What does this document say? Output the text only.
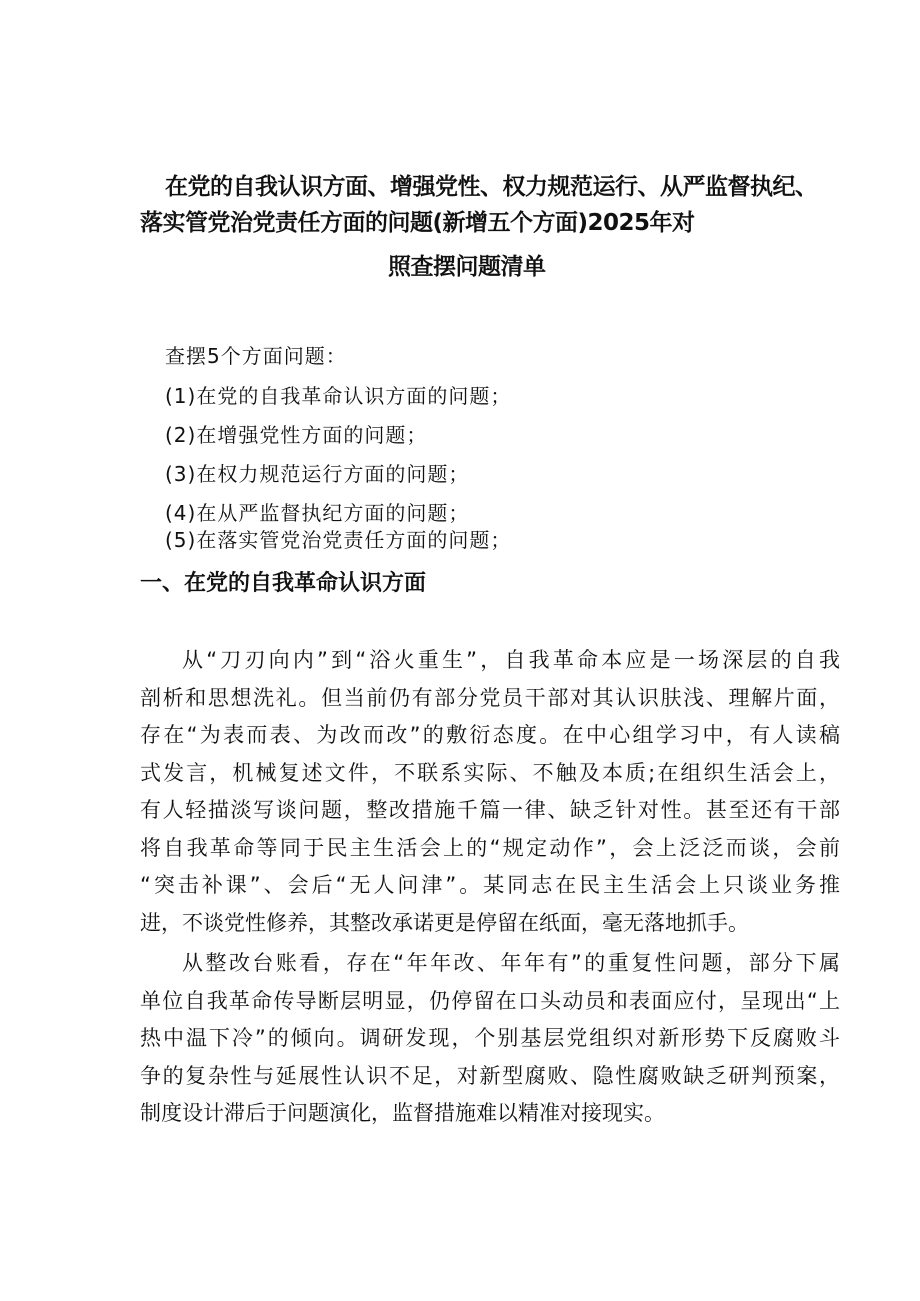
在党的自我认识方面、增强党性、权力规范运行、从严监督执纪、
落实管党治党责任方面的问题(新增五个方面)2025年对
照查摆问题清单
查摆5个方面问题：
(1)在党的自我革命认识方面的问题；
(2)在增强党性方面的问题；
(3)在权力规范运行方面的问题；
(4)在从严监督执纪方面的问题；
(5)在落实管党治党责任方面的问题；
一、在党的自我革命认识方面
从“刀刃向内”到“浴火重生”，自我革命本应是一场深层的自我
剖析和思想洗礼。但当前仍有部分党员干部对其认识肤浅、理解片面，
存在“为表而表、为改而改”的敷衍态度。在中心组学习中，有人读稿
式发言，机械复述文件，不联系实际、不触及本质;在组织生活会上，
有人轻描淡写谈问题，整改措施千篇一律、缺乏针对性。甚至还有干部
将自我革命等同于民主生活会上的“规定动作”，会上泛泛而谈，会前
“突击补课”、会后“无人问津”。某同志在民主生活会上只谈业务推
进，不谈党性修养，其整改承诺更是停留在纸面，毫无落地抓手。
从整改台账看，存在“年年改、年年有”的重复性问题，部分下属
单位自我革命传导断层明显，仍停留在口头动员和表面应付，呈现出“上
热中温下冷”的倾向。调研发现，个别基层党组织对新形势下反腐败斗
争的复杂性与延展性认识不足，对新型腐败、隐性腐败缺乏研判预案，
制度设计滞后于问题演化，监督措施难以精准对接现实。
